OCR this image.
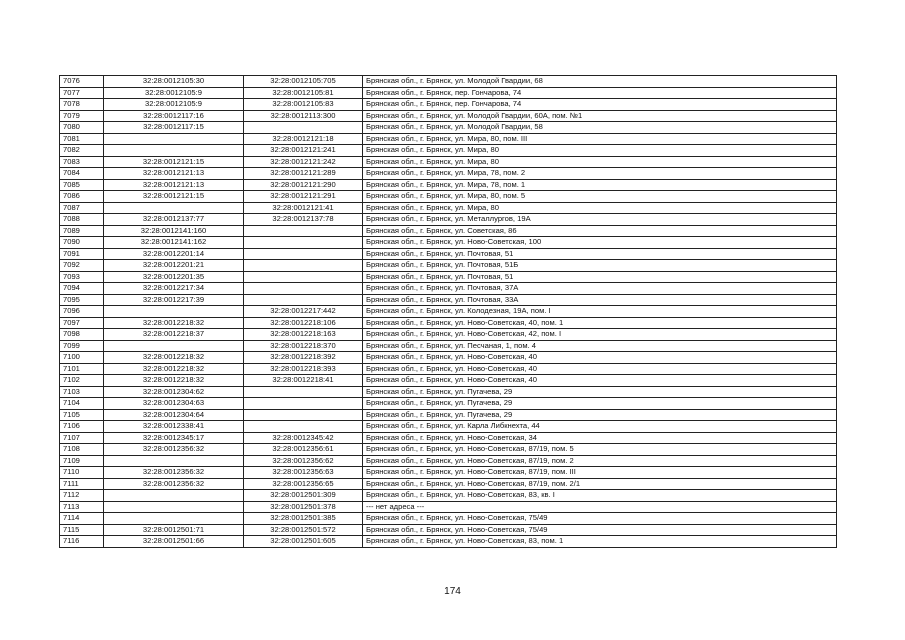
7076	32:28:0012105:30	32:28:0012105:705	Брянская обл., г. Брянск, ул. Молодой Гвардии, 68
7077	32:28:0012105:9	32:28:0012105:81	Брянская обл., г. Брянск, пер. Гончарова, 74
7078	32:28:0012105:9	32:28:0012105:83	Брянская обл., г. Брянск, пер. Гончарова, 74
7079	32:28:0012117:16	32:28:0012113:300	Брянская обл., г. Брянск, ул. Молодой Гвардии, 60А, пом. №1
7080	32:28:0012117:15		Брянская обл., г. Брянск, ул. Молодой Гвардии, 58
7081		32:28:0012121:18	Брянская обл., г. Брянск, ул. Мира, 80, пом. III
7082		32:28:0012121:241	Брянская обл., г. Брянск, ул. Мира, 80
7083	32:28:0012121:15	32:28:0012121:242	Брянская обл., г. Брянск, ул. Мира, 80
7084	32:28:0012121:13	32:28:0012121:289	Брянская обл., г. Брянск, ул. Мира, 78, пом. 2
7085	32:28:0012121:13	32:28:0012121:290	Брянская обл., г. Брянск, ул. Мира, 78, пом. 1
7086	32:28:0012121:15	32:28:0012121:291	Брянская обл., г. Брянск, ул. Мира, 80, пом. 5
7087		32:28:0012121:41	Брянская обл., г. Брянск, ул. Мира, 80
7088	32:28:0012137:77	32:28:0012137:78	Брянская обл., г. Брянск, ул. Металлургов, 19А
7089	32:28:0012141:160		Брянская обл., г. Брянск, ул. Советская, 86
7090	32:28:0012141:162		Брянская обл., г. Брянск, ул. Ново-Советская, 100
7091	32:28:0012201:14		Брянская обл., г. Брянск, ул. Почтовая, 51
7092	32:28:0012201:21		Брянская обл., г. Брянск, ул. Почтовая, 51Б
7093	32:28:0012201:35		Брянская обл., г. Брянск, ул. Почтовая, 51
7094	32:28:0012217:34		Брянская обл., г. Брянск, ул. Почтовая, 37А
7095	32:28:0012217:39		Брянская обл., г. Брянск, ул. Почтовая, 33А
7096		32:28:0012217:442	Брянская обл., г. Брянск, ул. Колодезная, 19А, пом. I
7097	32:28:0012218:32	32:28:0012218:106	Брянская обл., г. Брянск, ул. Ново-Советская, 40, пом. 1
7098	32:28:0012218:37	32:28:0012218:163	Брянская обл., г. Брянск, ул. Ново-Советская, 42, пом. I
7099		32:28:0012218:370	Брянская обл., г. Брянск, ул. Песчаная, 1, пом. 4
7100	32:28:0012218:32	32:28:0012218:392	Брянская обл., г. Брянск, ул. Ново-Советская, 40
7101	32:28:0012218:32	32:28:0012218:393	Брянская обл., г. Брянск, ул. Ново-Советская, 40
7102	32:28:0012218:32	32:28:0012218:41	Брянская обл., г. Брянск, ул. Ново-Советская, 40
7103	32:28:0012304:62		Брянская обл., г. Брянск, ул. Пугачева, 29
7104	32:28:0012304:63		Брянская обл., г. Брянск, ул. Пугачева, 29
7105	32:28:0012304:64		Брянская обл., г. Брянск, ул. Пугачева, 29
7106	32:28:0012338:41		Брянская обл., г. Брянск, ул. Карла Либкнехта, 44
7107	32:28:0012345:17	32:28:0012345:42	Брянская обл., г. Брянск, ул. Ново-Советская, 34
7108	32:28:0012356:32	32:28:0012356:61	Брянская обл., г. Брянск, ул. Ново-Советская, 87/19, пом. 5
7109		32:28:0012356:62	Брянская обл., г. Брянск, ул. Ново-Советская, 87/19, пом. 2
7110	32:28:0012356:32	32:28:0012356:63	Брянская обл., г. Брянск, ул. Ново-Советская, 87/19, пом. III
7111	32:28:0012356:32	32:28:0012356:65	Брянская обл., г. Брянск, ул. Ново-Советская, 87/19, пом. 2/1
7112		32:28:0012501:309	Брянская обл., г. Брянск, ул. Ново-Советская, 83, кв. I
7113		32:28:0012501:378	--- нет адреса ---
7114		32:28:0012501:385	Брянская обл., г. Брянск, ул. Ново-Советская, 75/49
7115	32:28:0012501:71	32:28:0012501:572	Брянская обл., г. Брянск, ул. Ново-Советская, 75/49
7116	32:28:0012501:66	32:28:0012501:605	Брянская обл., г. Брянск, ул. Ново-Советская, 83, пом. 1
174
